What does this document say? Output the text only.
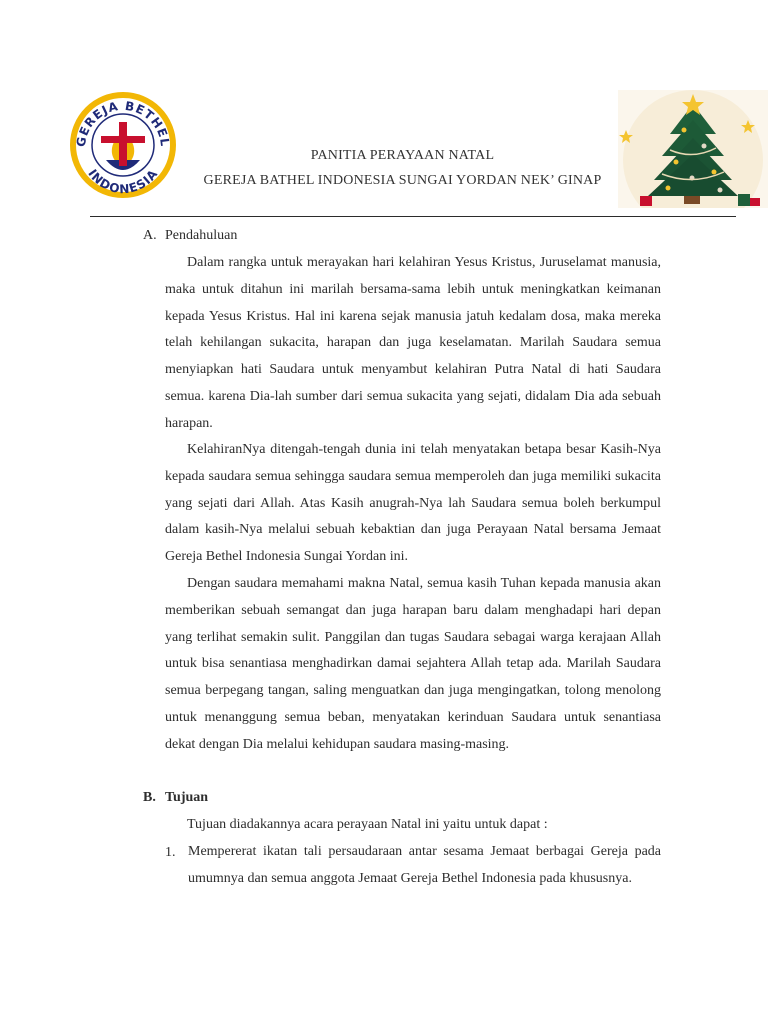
GEREJA BETHEL
INDONESIA
PANITIA PERAYAAN NATAL
GEREJA BATHEL INDONESIA SUNGAI YORDAN NEK’ GINAP
A. Pendahuluan

Dalam rangka untuk merayakan hari kelahiran Yesus Kristus, Juruselamat manusia, maka untuk ditahun ini marilah bersama-sama lebih untuk meningkatkan keimanan kepada Yesus Kristus. Hal ini karena sejak manusia jatuh kedalam dosa, maka mereka telah kehilangan sukacita, harapan dan juga keselamatan. Marilah Saudara semua menyiapkan hati Saudara untuk menyambut kelahiran Putra Natal di hati Saudara semua. karena Dia-lah sumber dari semua sukacita yang sejati, didalam Dia ada sebuah harapan.

KelahiranNya ditengah-tengah dunia ini telah menyatakan betapa besar Kasih-Nya kepada saudara semua sehingga saudara semua memperoleh dan juga memiliki sukacita yang sejati dari Allah. Atas Kasih anugrah-Nya lah Saudara semua boleh berkumpul dalam kasih-Nya melalui sebuah kebaktian dan juga Perayaan Natal bersama Jemaat Gereja Bethel Indonesia Sungai Yordan ini.

Dengan saudara memahami makna Natal, semua kasih Tuhan kepada manusia akan memberikan sebuah semangat dan juga harapan baru dalam menghadapi hari depan yang terlihat semakin sulit. Panggilan dan tugas Saudara sebagai warga kerajaan Allah untuk bisa senantiasa menghadirkan damai sejahtera Allah tetap ada. Marilah Saudara semua berpegang tangan, saling menguatkan dan juga mengingatkan, tolong menolong untuk menanggung semua beban, menyatakan kerinduan Saudara untuk senantiasa dekat dengan Dia melalui kehidupan saudara masing-masing.

B. Tujuan

Tujuan diadakannya acara perayaan Natal ini yaitu untuk dapat :

1. Mempererat ikatan tali persaudaraan antar sesama Jemaat berbagai Gereja pada umumnya dan semua anggota Jemaat Gereja Bethel Indonesia pada khususnya.
